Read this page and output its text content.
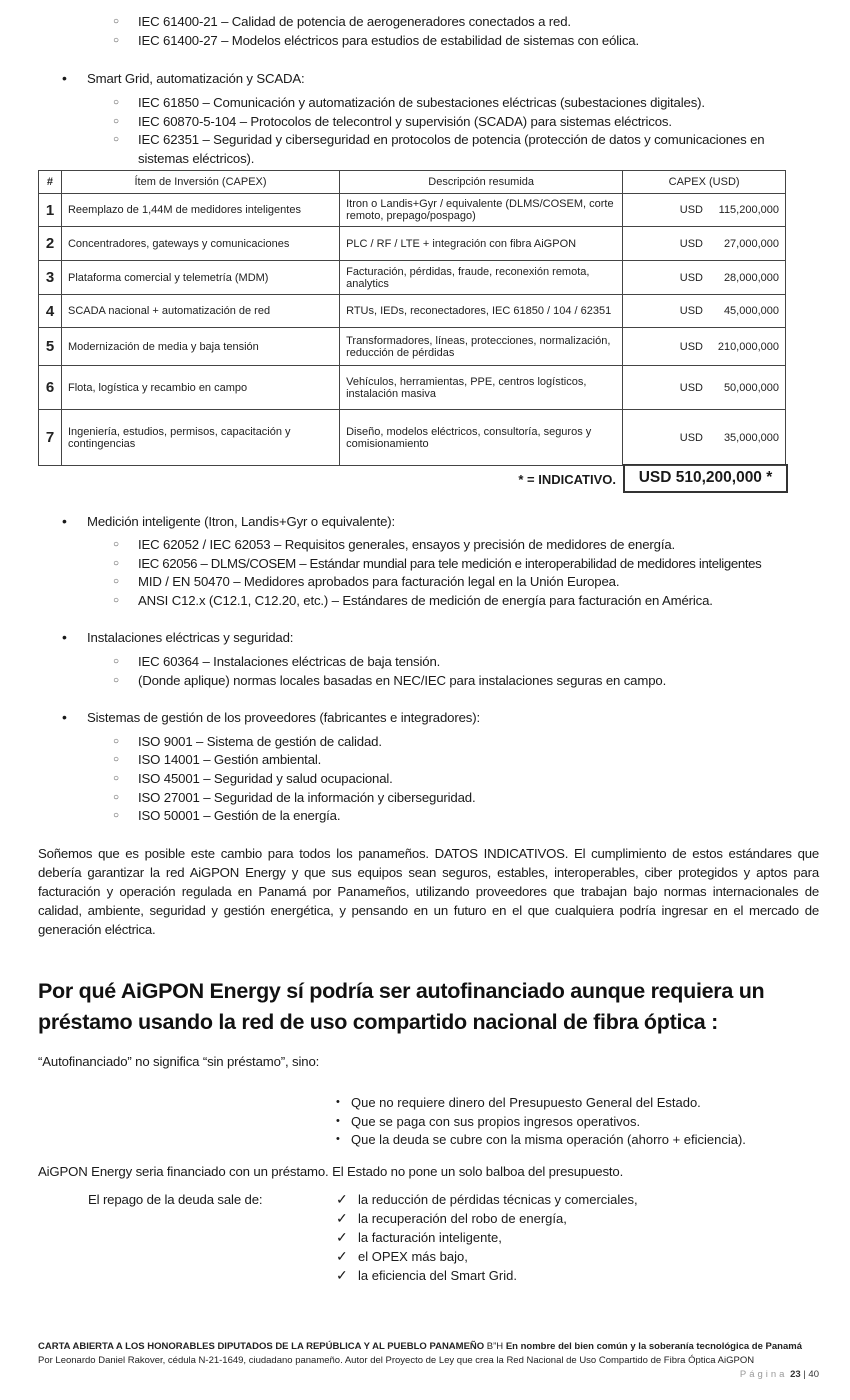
○ IEC 61400-21 – Calidad de potencia de aerogeneradores conectados a red.
○ IEC 61400-27 – Modelos eléctricos para estudios de estabilidad de sistemas con eólica.
• Smart Grid, automatización y SCADA:
○ IEC 61850 – Comunicación y automatización de subestaciones eléctricas (subestaciones digitales).
○ IEC 60870-5-104 – Protocolos de telecontrol y supervisión (SCADA) para sistemas eléctricos.
○ IEC 62351 – Seguridad y ciberseguridad en protocolos de potencia (protección de datos y comunicaciones en
sistemas eléctricos).
#	Ítem de Inversión (CAPEX)	Descripción resumida	CAPEX (USD)
1	Reemplazo de 1,44M de medidores inteligentes	Itron o Landis+Gyr / equivalente (DLMS/COSEM, corte remoto, prepago/pospago)	USD 115,200,000
2	Concentradores, gateways y comunicaciones	PLC / RF / LTE + integración con fibra AiGPON	USD 27,000,000
3	Plataforma comercial y telemetría (MDM)	Facturación, pérdidas, fraude, reconexión remota, analytics	USD 28,000,000
4	SCADA nacional + automatización de red	RTUs, IEDs, reconectadores, IEC 61850 / 104 / 62351	USD 45,000,000
5	Modernización de media y baja tensión	Transformadores, líneas, protecciones, normalización, reducción de pérdidas	USD 210,000,000
6	Flota, logística y recambio en campo	Vehículos, herramientas, PPE, centros logísticos, instalación masiva	USD 50,000,000
7	Ingeniería, estudios, permisos, capacitación y contingencias	Diseño, modelos eléctricos, consultoría, seguros y comisionamiento	USD 35,000,000
* = INDICATIVO.	USD 510,200,000 *
• Medición inteligente (Itron, Landis+Gyr o equivalente):
○ IEC 62052 / IEC 62053 – Requisitos generales, ensayos y precisión de medidores de energía.
○ IEC 62056 – DLMS/COSEM – Estándar mundial para tele medición e interoperabilidad de medidores inteligentes
○ MID / EN 50470 – Medidores aprobados para facturación legal en la Unión Europea.
○ ANSI C12.x (C12.1, C12.20, etc.) – Estándares de medición de energía para facturación en América.
• Instalaciones eléctricas y seguridad:
○ IEC 60364 – Instalaciones eléctricas de baja tensión.
○ (Donde aplique) normas locales basadas en NEC/IEC para instalaciones seguras en campo.
• Sistemas de gestión de los proveedores (fabricantes e integradores):
○ ISO 9001 – Sistema de gestión de calidad.
○ ISO 14001 – Gestión ambiental.
○ ISO 45001 – Seguridad y salud ocupacional.
○ ISO 27001 – Seguridad de la información y ciberseguridad.
○ ISO 50001 – Gestión de la energía.
Soñemos que es posible este cambio para todos los panameños. DATOS INDICATIVOS. El cumplimiento de estos estándares que debería garantizar la red AiGPON Energy y que sus equipos sean seguros, estables, interoperables, ciber protegidos y aptos para facturación y operación regulada en Panamá por Panameños, utilizando proveedores que trabajan bajo normas internacionales de calidad, ambiente, seguridad y gestión energética, y pensando en un futuro en el que cualquiera podría ingresar en el mercado de generación eléctrica.
Por qué AiGPON Energy sí podría ser autofinanciado aunque requiera un préstamo usando la red de uso compartido nacional de fibra óptica :
“Autofinanciado” no significa “sin préstamo”, sino:
• Que no requiere dinero del Presupuesto General del Estado.
• Que se paga con sus propios ingresos operativos.
• Que la deuda se cubre con la misma operación (ahorro + eficiencia).
AiGPON Energy seria financiado con un préstamo. El Estado no pone un solo balboa del presupuesto.
El repago de la deuda sale de:	✓ la reducción de pérdidas técnicas y comerciales,
✓ la recuperación del robo de energía,
✓ la facturación inteligente,
✓ el OPEX más bajo,
✓ la eficiencia del Smart Grid.
CARTA ABIERTA A LOS HONORABLES DIPUTADOS DE LA REPÚBLICA Y AL PUEBLO PANAMEÑO B”H En nombre del bien común y la soberanía tecnológica de Panamá Por Leonardo Daniel Rakover, cédula N-21-1649, ciudadano panameño. Autor del Proyecto de Ley que crea la Red Nacional de Uso Compartido de Fibra Óptica AiGPON
Página 23 | 40
